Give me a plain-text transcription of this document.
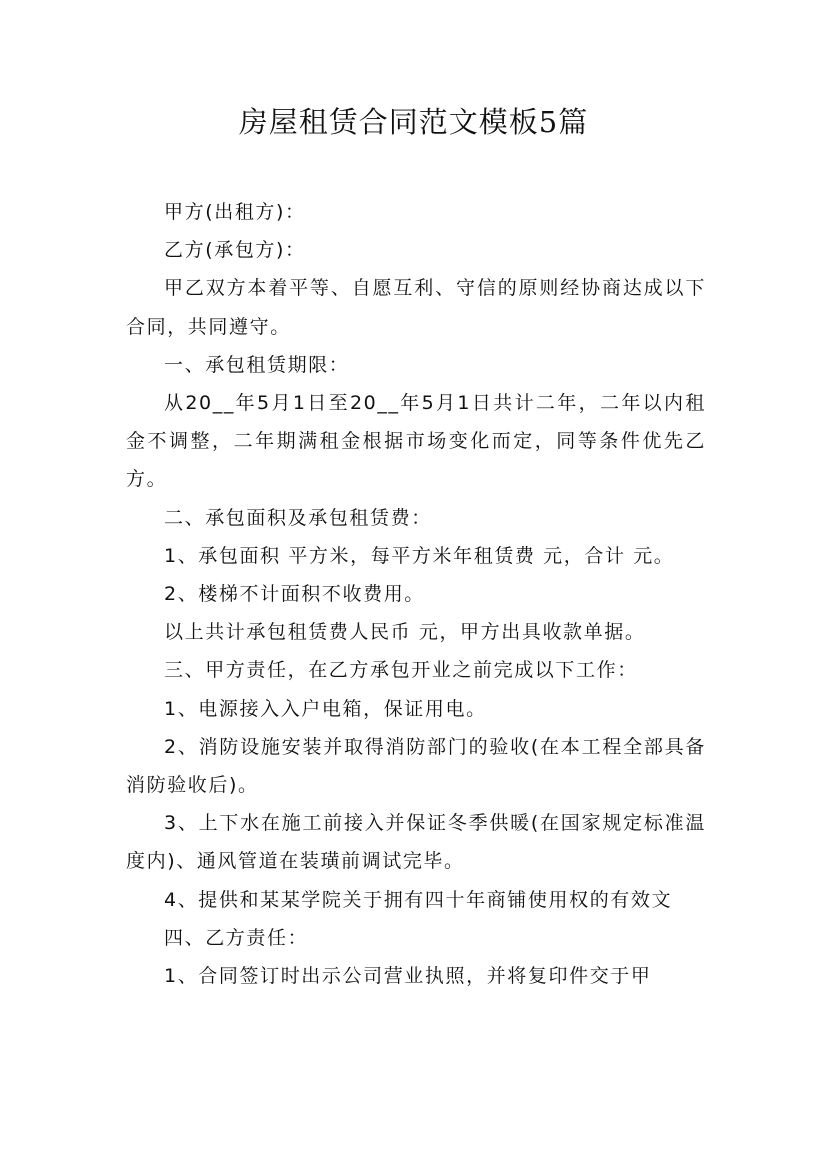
房屋租赁合同范文模板5篇

甲方(出租方)：

乙方(承包方)：

甲乙双方本着平等、自愿互利、守信的原则经协商达成以下合同，共同遵守。

一、承包租赁期限：

从20__年5月1日至20__年5月1日共计二年，二年以内租金不调整，二年期满租金根据市场变化而定，同等条件优先乙方。

二、承包面积及承包租赁费：

1、承包面积 平方米，每平方米年租赁费 元，合计 元。

2、楼梯不计面积不收费用。

以上共计承包租赁费人民币 元，甲方出具收款单据。

三、甲方责任，在乙方承包开业之前完成以下工作：

1、电源接入入户电箱，保证用电。

2、消防设施安装并取得消防部门的验收(在本工程全部具备消防验收后)。

3、上下水在施工前接入并保证冬季供暖(在国家规定标准温度内)、通风管道在装璜前调试完毕。

4、提供和某某学院关于拥有四十年商铺使用权的有效文

四、乙方责任：

1、合同签订时出示公司营业执照，并将复印件交于甲
